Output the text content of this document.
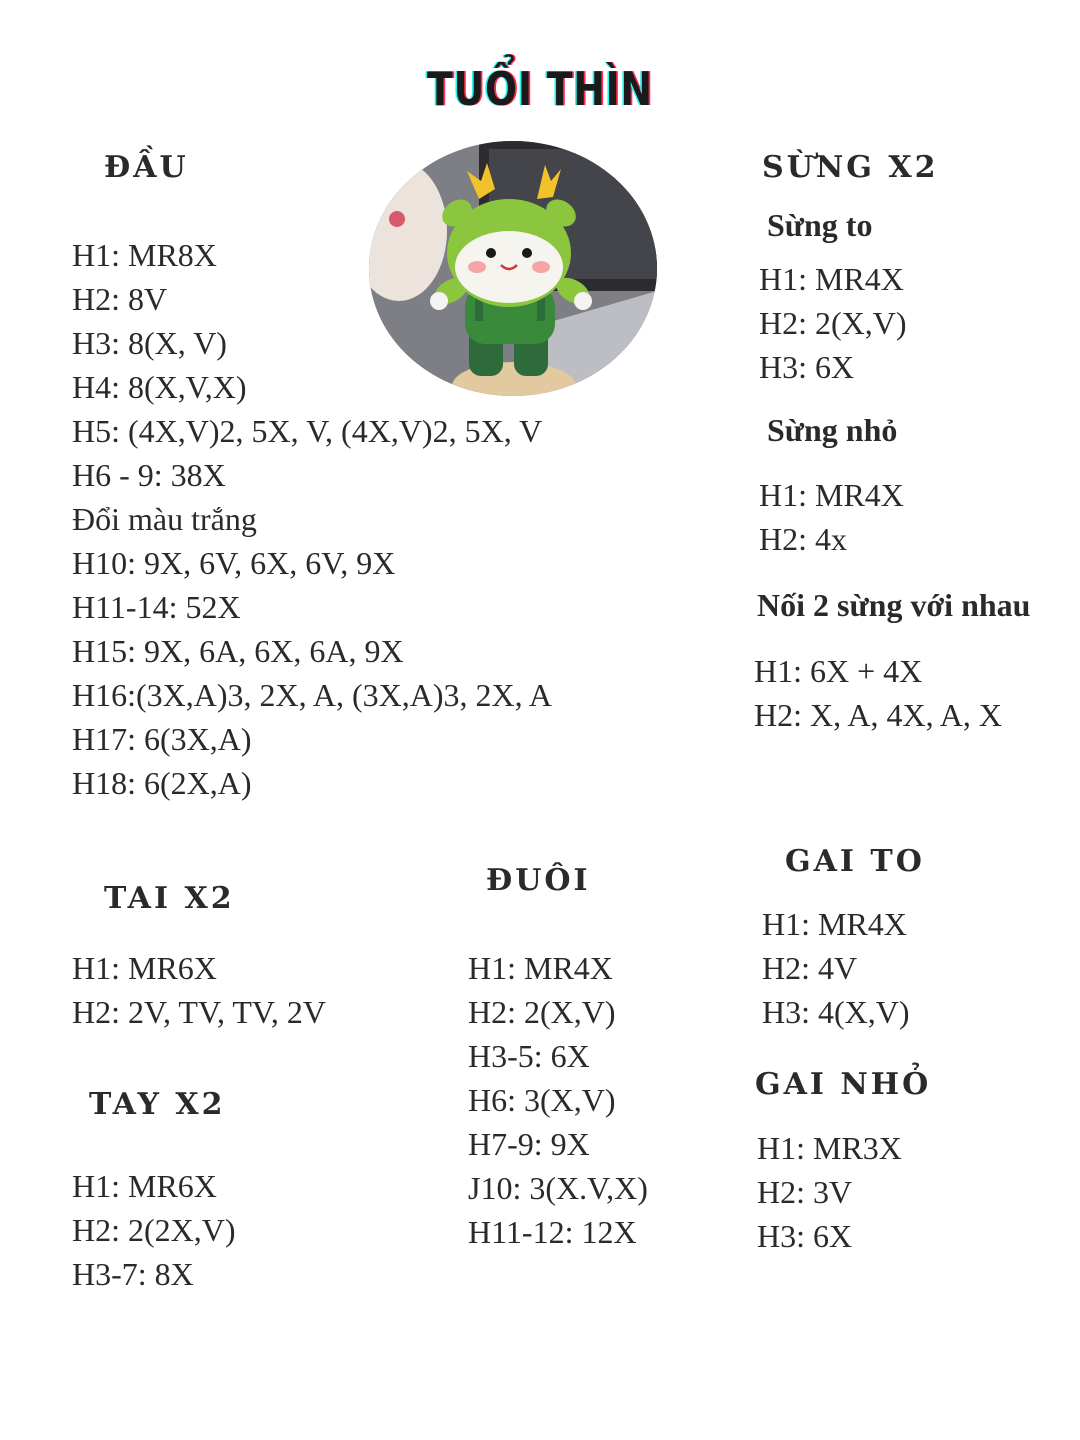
TUỔI THÌN
ĐẦU
H1: MR8X
H2: 8V
H3: 8(X, V)
H4: 8(X,V,X)
H5: (4X,V)2, 5X, V, (4X,V)2, 5X, V
H6 - 9: 38X
Đổi màu trắng
H10: 9X, 6V, 6X, 6V, 9X
H11-14: 52X
H15: 9X, 6A, 6X, 6A, 9X
H16:(3X,A)3, 2X, A, (3X,A)3, 2X, A
H17: 6(3X,A)
H18: 6(2X,A)
SỪNG X2
Sừng to
H1: MR4X
H2: 2(X,V)
H3: 6X
Sừng nhỏ
H1: MR4X
H2: 4x
Nối 2 sừng với nhau
H1: 6X + 4X
H2: X, A, 4X, A, X
TAI X2
H1: MR6X
H2: 2V, TV, TV, 2V
TAY X2
H1: MR6X
H2: 2(2X,V)
H3-7: 8X
ĐUÔI
H1: MR4X
H2: 2(X,V)
H3-5: 6X
H6: 3(X,V)
H7-9: 9X
J10: 3(X.V,X)
H11-12: 12X
GAI TO
H1: MR4X
H2: 4V
H3: 4(X,V)
GAI NHỎ
H1: MR3X
H2: 3V
H3: 6X
